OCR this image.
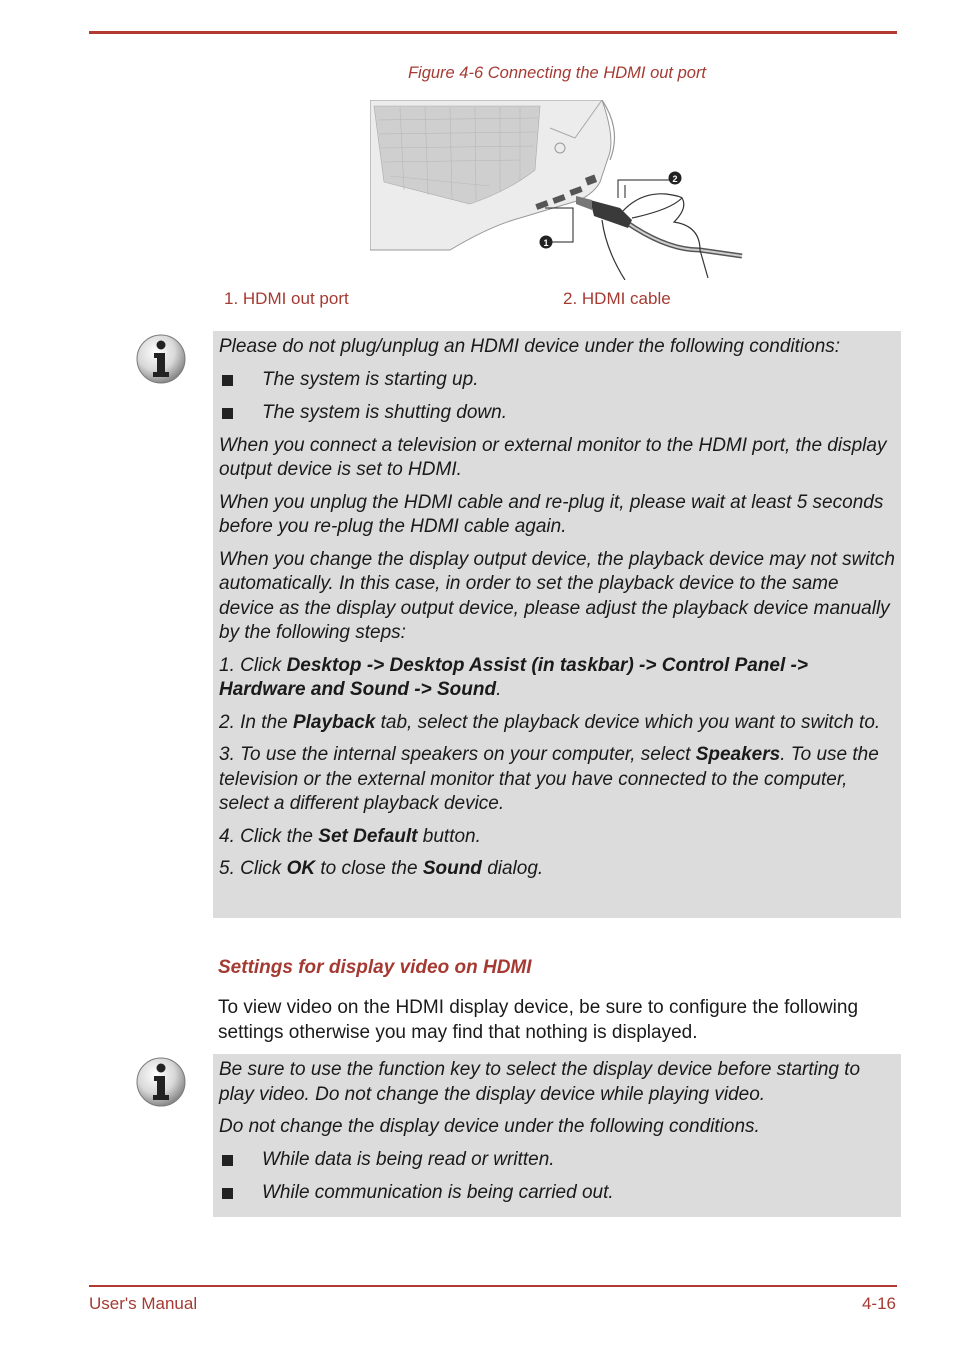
Figure 4-6 Connecting the HDMI out port
1
2
1. HDMI out port	2. HDMI cable

Please do not plug/unplug an HDMI device under the following conditions:

The system is starting up.
The system is shutting down.

When you connect a television or external monitor to the HDMI port, the display output device is set to HDMI.

When you unplug the HDMI cable and re-plug it, please wait at least 5 seconds before you re-plug the HDMI cable again.

When you change the display output device, the playback device may not switch automatically. In this case, in order to set the playback device to the same device as the display output device, please adjust the playback device manually by the following steps:

1. Click Desktop -> Desktop Assist (in taskbar) -> Control Panel -> Hardware and Sound -> Sound.

2. In the Playback tab, select the playback device which you want to switch to.

3. To use the internal speakers on your computer, select Speakers. To use the television or the external monitor that you have connected to the computer, select a different playback device.

4. Click the Set Default button.

5. Click OK to close the Sound dialog.

Settings for display video on HDMI
To view video on the HDMI display device, be sure to configure the following settings otherwise you may find that nothing is displayed.

Be sure to use the function key to select the display device before starting to play video. Do not change the display device while playing video.

Do not change the display device under the following conditions.

While data is being read or written.
While communication is being carried out.
User's Manual	4-16
